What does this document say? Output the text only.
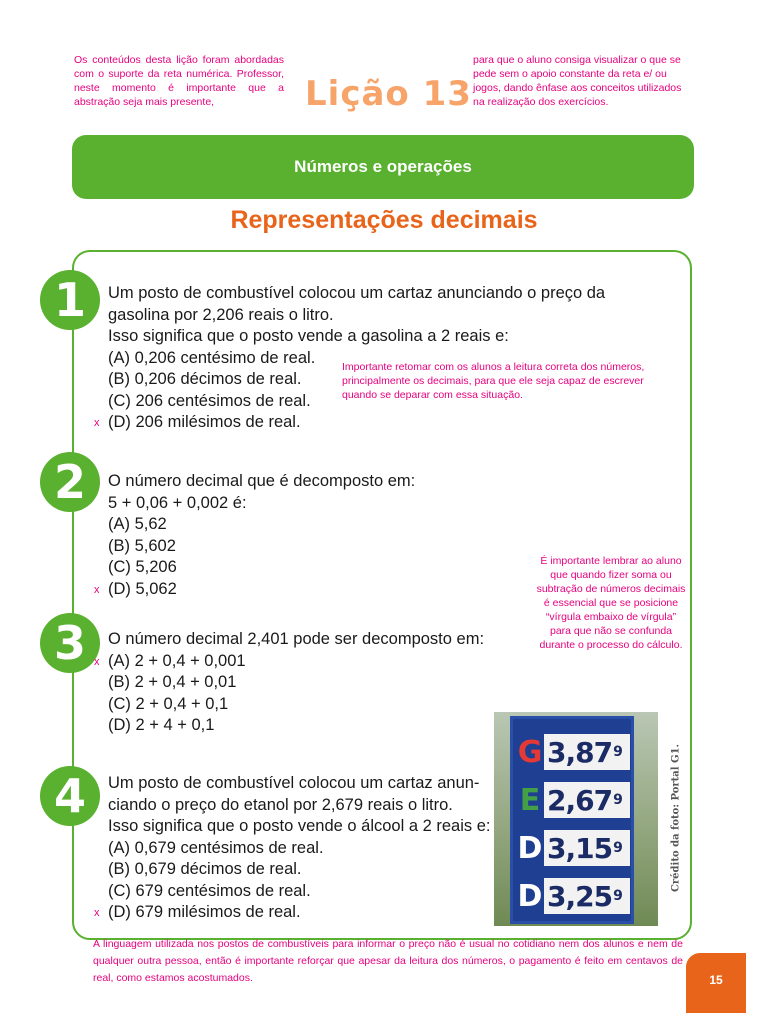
Os conteúdos desta lição foram abordadas com o suporte da reta numérica. Professor, neste momento é importante que a abstração seja mais presente,	Lição 13
para que o aluno consiga visualizar o que se pede sem o apoio constante da reta e/ ou jogos, dando ênfase aos conceitos utilizados na realização dos exercícios.
Números e operações
Representações decimais
1	Um posto de combustível colocou um cartaz anunciando o preço da
gasolina por 2,206 reais o litro.
Isso significa que o posto vende a gasolina a 2 reais e:
(A) 0,206 centésimo de real.
(B) 0,206 décimos de real.
(C) 206 centésimos de real.
x (D) 206 milésimos de real.
Importante retomar com os alunos a leitura correta dos números, principalmente os decimais, para que ele seja capaz de escrever quando se deparar com essa situação.
2	O número decimal que é decomposto em:
5 + 0,06 + 0,002 é:
(A) 5,62
(B) 5,602
(C) 5,206
x (D) 5,062
É importante lembrar ao aluno que quando fizer soma ou subtração de números decimais é essencial que se posicione “vírgula embaixo de vírgula” para que não se confunda durante o processo do cálculo.
3	O número decimal 2,401 pode ser decomposto em:
x (A) 2 + 0,4 + 0,001
(B) 2 + 0,4 + 0,01
(C) 2 + 0,4 + 0,1
(D) 2 + 4 + 0,1
4	Um posto de combustível colocou um cartaz anun-
ciando o preço do etanol por 2,679 reais o litro.
Isso significa que o posto vende o álcool a 2 reais e:
(A) 0,679 centésimos de real.
(B) 0,679 décimos de real.
(C) 679 centésimos de real.
x (D) 679 milésimos de real.
G 3,87 9
E 2,67 9
D 3,15 9
D 3,25 9
Crédito da foto: Portal G1.
A linguagem utilizada nos postos de combustíveis para informar o preço não é usual no cotidiano nem dos alunos e nem de qualquer outra pessoa, então é importante reforçar que apesar da leitura dos números, o pagamento é feito em centavos de real, como estamos acostumados.	15
